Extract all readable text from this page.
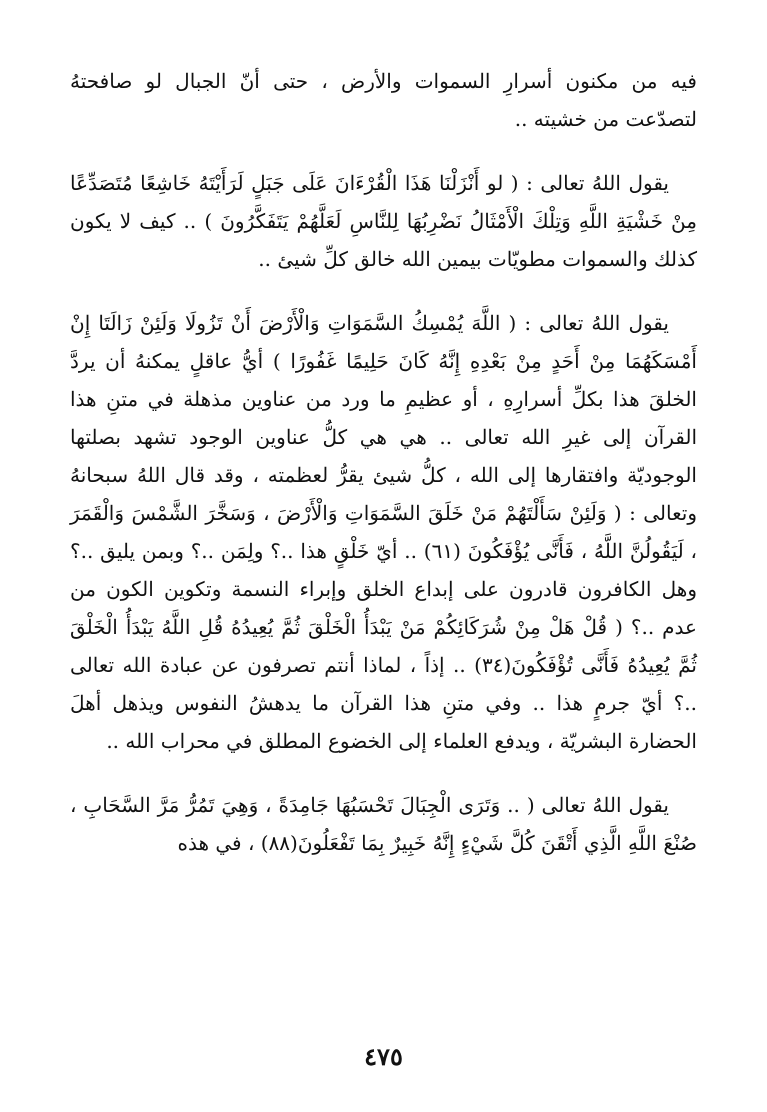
فيه من مكنون أسرارِ السموات والأرض ، حتى أنّ الجبال لو صافحتهُ لتصدّعت من خشيته ..

يقول اللهُ تعالى : ( لو أَنْزَلْنَا هَذَا الْقُرْءَانَ عَلَى جَبَلٍ لَرَأَيْتَهُ خَاشِعًا مُتَصَدِّعًا مِنْ خَشْيَةِ اللَّهِ وَتِلْكَ الْأَمْثَالُ نَضْرِبُهَا لِلنَّاسِ لَعَلَّهُمْ يَتَفَكَّرُونَ ) .. كيف لا يكون كذلك والسموات مطويّات بيمين الله خالق كلِّ شيئ ..

يقول اللهُ تعالى : ( اللَّهَ يُمْسِكُ السَّمَوَاتِ وَالْأَرْضَ أَنْ تَزُولَا وَلَئِنْ زَالَتَا إِنْ أَمْسَكَهُمَا مِنْ أَحَدٍ مِنْ بَعْدِهِ إِنَّهُ كَانَ حَلِيمًا غَفُورًا ) أيُّ عاقلٍ يمكنهُ أن يردَّ الخلقَ هذا بكلِّ أسرارِهِ ، أو عظيمِ ما ورد من عناوين مذهلة في متنِ هذا القرآن إلى غيرِ الله تعالى .. هي هي كلُّ عناوين الوجود تشهد بصلتها الوجوديّة وافتقارها إلى الله ، كلُّ شيئ يقرُّ لعظمته ، وقد قال اللهُ سبحانهُ وتعالى : ( وَلَئِنْ سَأَلْتَهُمْ مَنْ خَلَقَ السَّمَوَاتِ وَالْأَرْضَ ، وَسَخَّرَ الشَّمْسَ وَالْقَمَرَ ، لَيَقُولُنَّ اللَّهُ ، فَأَنَّى يُؤْفَكُونَ (٦١) .. أيّ خَلْقٍ هذا ..؟ ولِمَن ..؟ وبمن يليق ..؟ وهل الكافرون قادرون على إبداع الخلق وإبراء النسمة وتكوين الكون من عدم ..؟ ( قُلْ هَلْ مِنْ شُرَكَائِكُمْ مَنْ يَبْدَأُ الْخَلْقَ ثُمَّ يُعِيدُهُ قُلِ اللَّهُ يَبْدَأُ الْخَلْقَ ثُمَّ يُعِيدُهُ فَأَنَّى تُؤْفَكُونَ(٣٤) .. إذاً ، لماذا أنتم تصرفون عن عبادة الله تعالى ..؟ أيّ جرمٍ هذا .. وفي متنِ هذا القرآن ما يدهشُ النفوس ويذهل أهلَ الحضارة البشريّة ، ويدفع العلماء إلى الخضوع المطلق في محراب الله ..

يقول اللهُ تعالى ( .. وَتَرَى الْجِبَالَ تَحْسَبُهَا جَامِدَةً ، وَهِيَ تَمُرُّ مَرَّ السَّحَابِ ، صُنْعَ اللَّهِ الَّذِي أَتْقَنَ كُلَّ شَيْءٍ إِنَّهُ خَبِيرٌ بِمَا تَفْعَلُونَ(٨٨) ، في هذه

٤٧٥
